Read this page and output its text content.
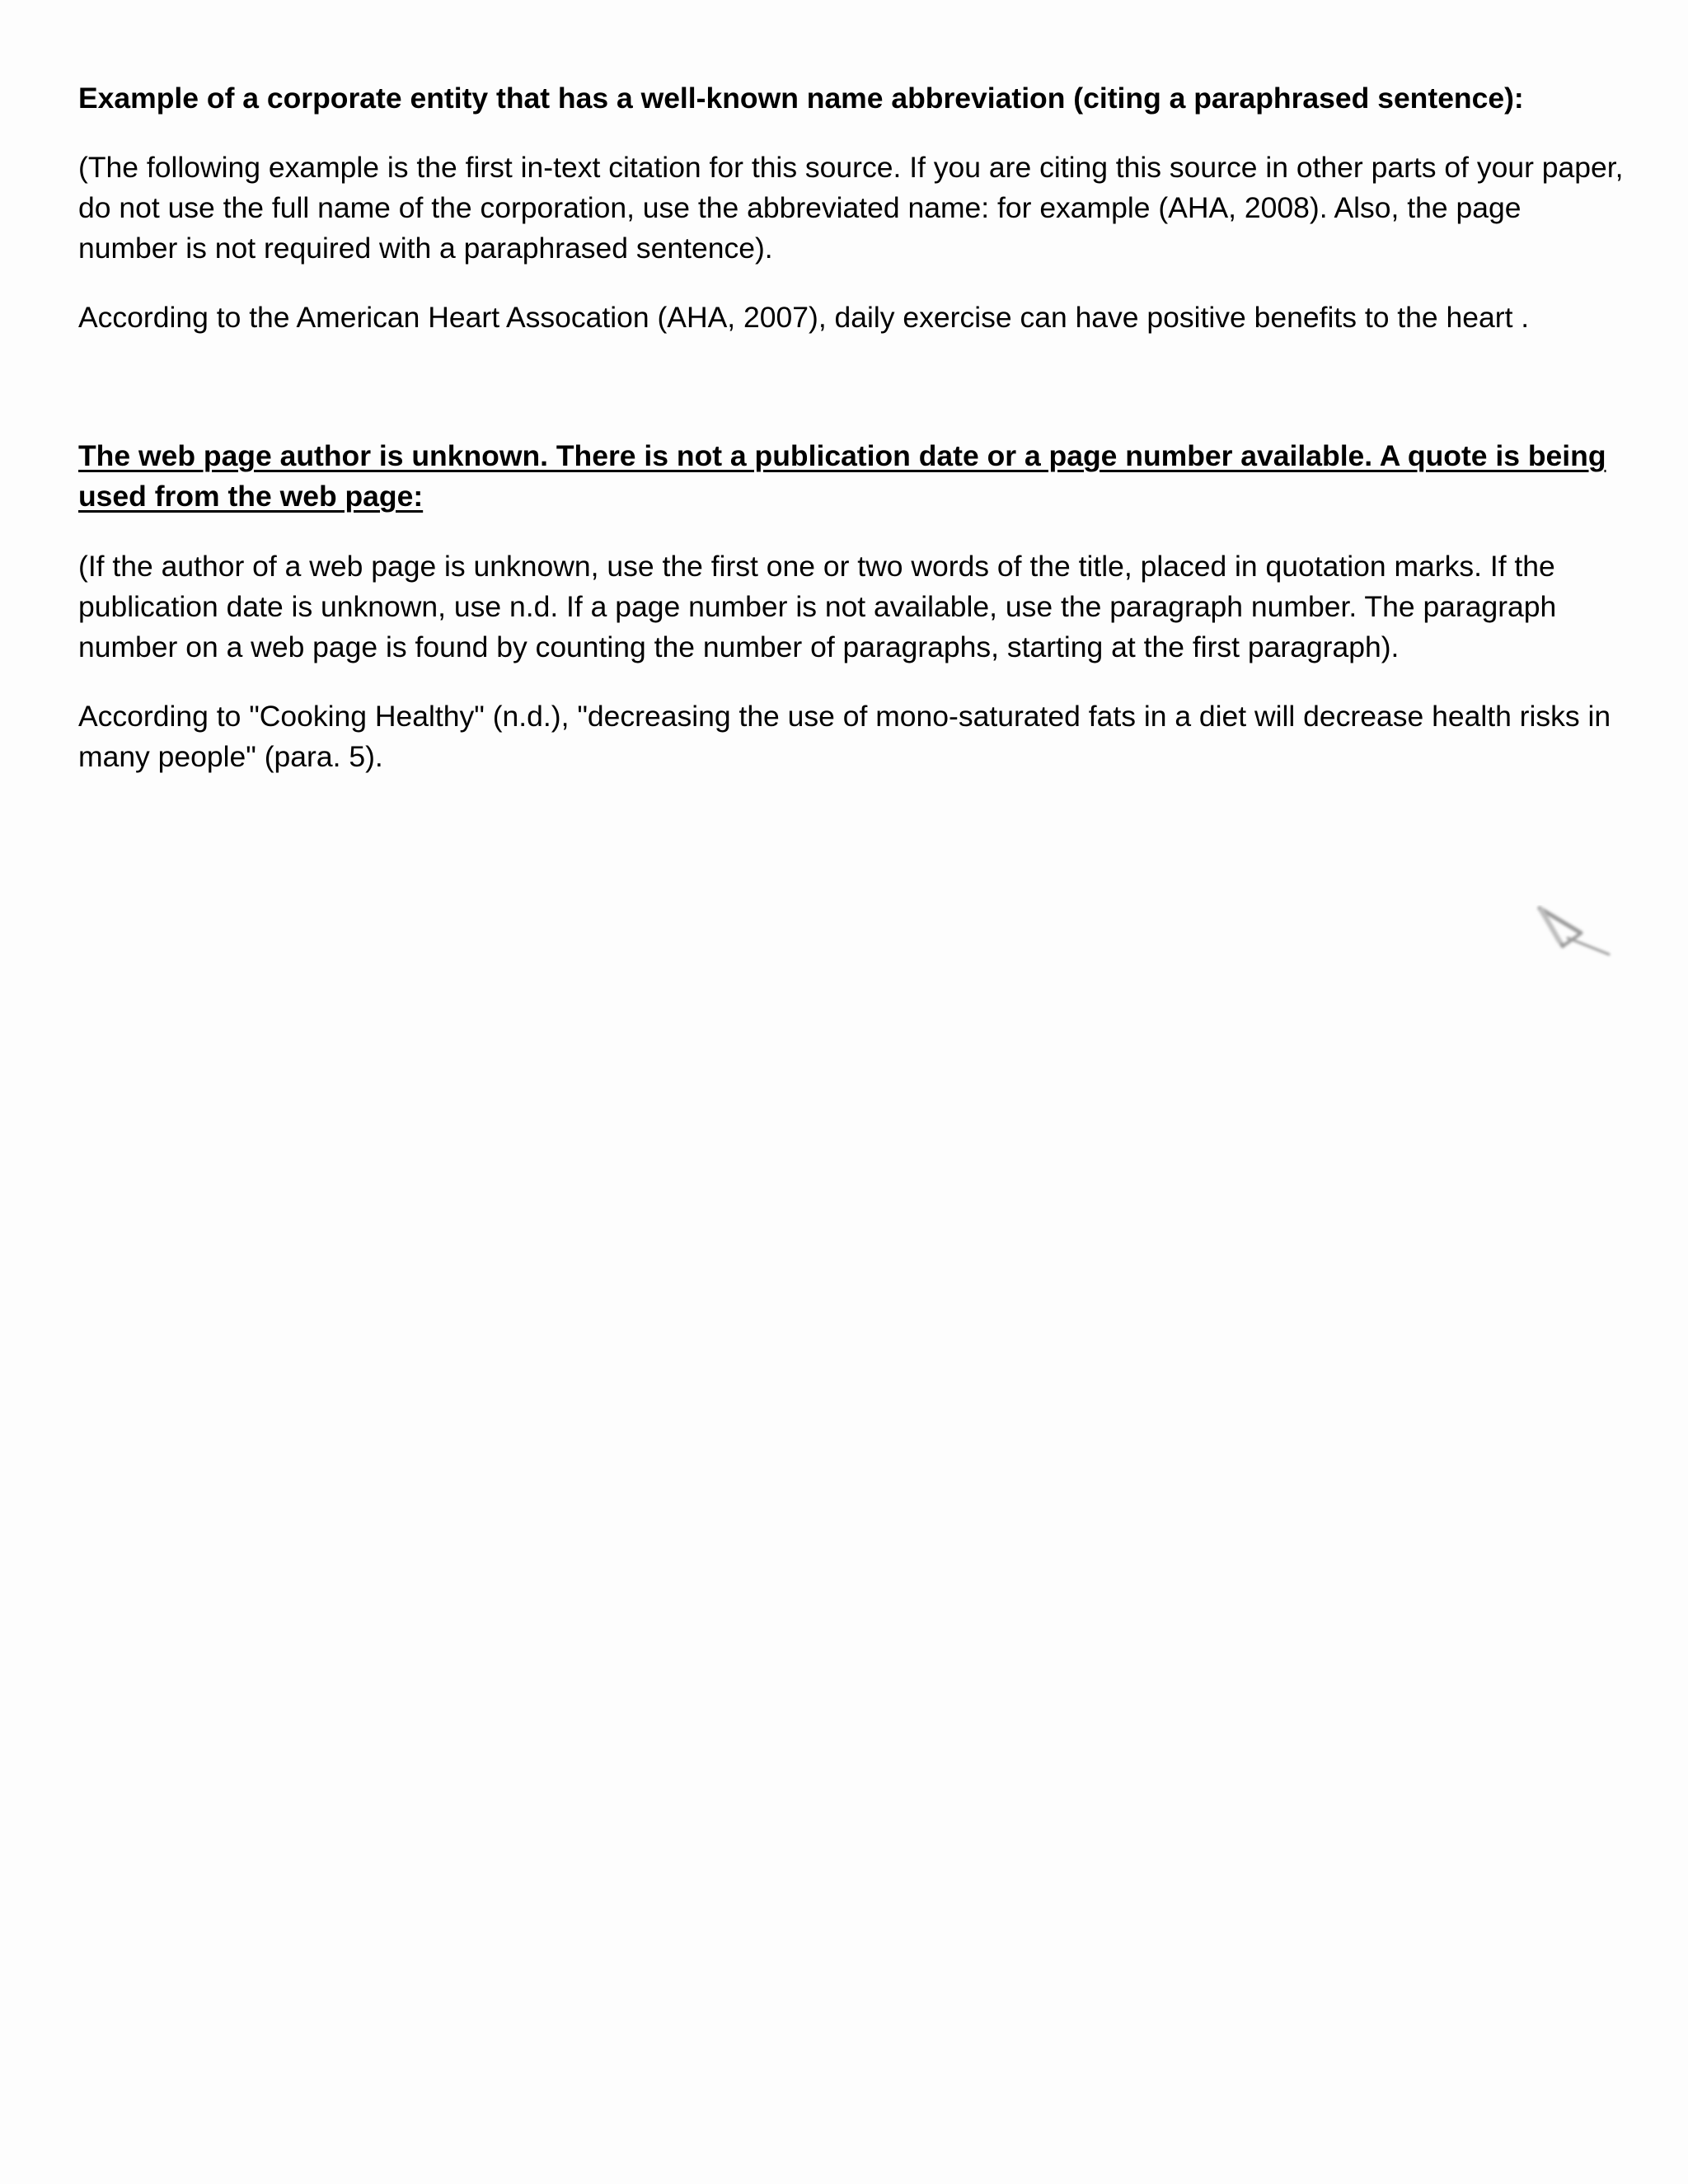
Example of a corporate entity that has a well-known name abbreviation (citing a paraphrased sentence):

(The following example is the first in-text citation for this source. If you are citing this source in other parts of your paper, do not use the full name of the corporation, use the abbreviated name: for example (AHA, 2008). Also, the page number is not required with a paraphrased sentence).

According to the American Heart Assocation (AHA, 2007), daily exercise can have positive benefits to the heart .

The web page author is unknown. There is not a publication date or a page number available. A quote is being used from the web page:

(If the author of a web page is unknown, use the first one or two words of the title, placed in quotation marks. If the publication date is unknown, use n.d. If a page number is not available, use the paragraph number. The paragraph number on a web page is found by counting the number of paragraphs, starting at the first paragraph).

According to "Cooking Healthy" (n.d.), "decreasing the use of mono-saturated fats in a diet will decrease health risks in many people" (para. 5).
